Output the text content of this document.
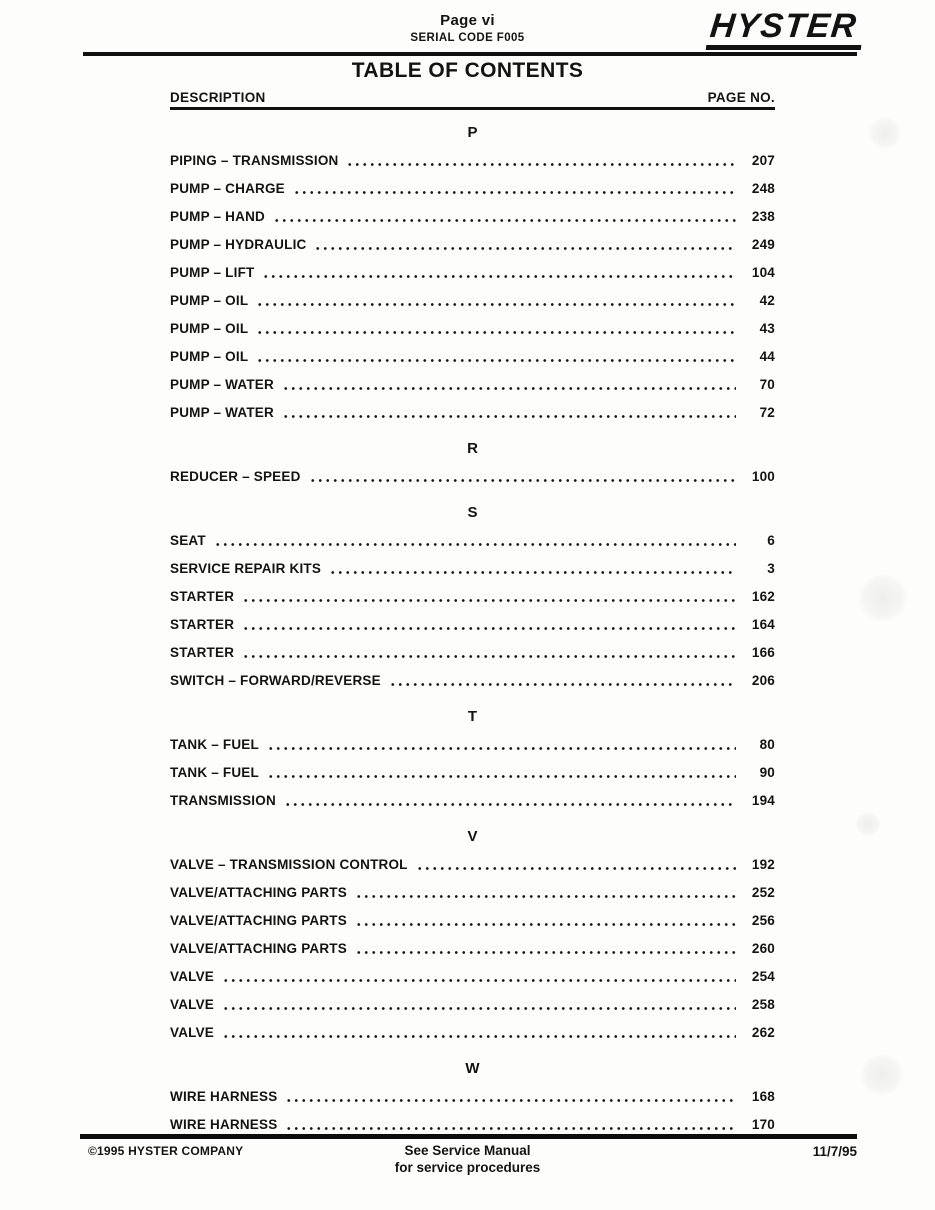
Page vi
SERIAL CODE F005	HYSTER
TABLE OF CONTENTS
DESCRIPTION	PAGE NO.
P
PIPING – TRANSMISSION	207
PUMP – CHARGE	248
PUMP – HAND	238
PUMP – HYDRAULIC	249
PUMP – LIFT	104
PUMP – OIL	42
PUMP – OIL	43
PUMP – OIL	44
PUMP – WATER	70
PUMP – WATER	72
R
REDUCER – SPEED	100
S
SEAT	6
SERVICE REPAIR KITS	3
STARTER	162
STARTER	164
STARTER	166
SWITCH – FORWARD/REVERSE	206
T
TANK – FUEL	80
TANK – FUEL	90
TRANSMISSION	194
V
VALVE – TRANSMISSION CONTROL	192
VALVE/ATTACHING PARTS	252
VALVE/ATTACHING PARTS	256
VALVE/ATTACHING PARTS	260
VALVE	254
VALVE	258
VALVE	262
W
WIRE HARNESS	168
WIRE HARNESS	170
©1995 HYSTER COMPANY	See Service Manual
for service procedures
11/7/95
